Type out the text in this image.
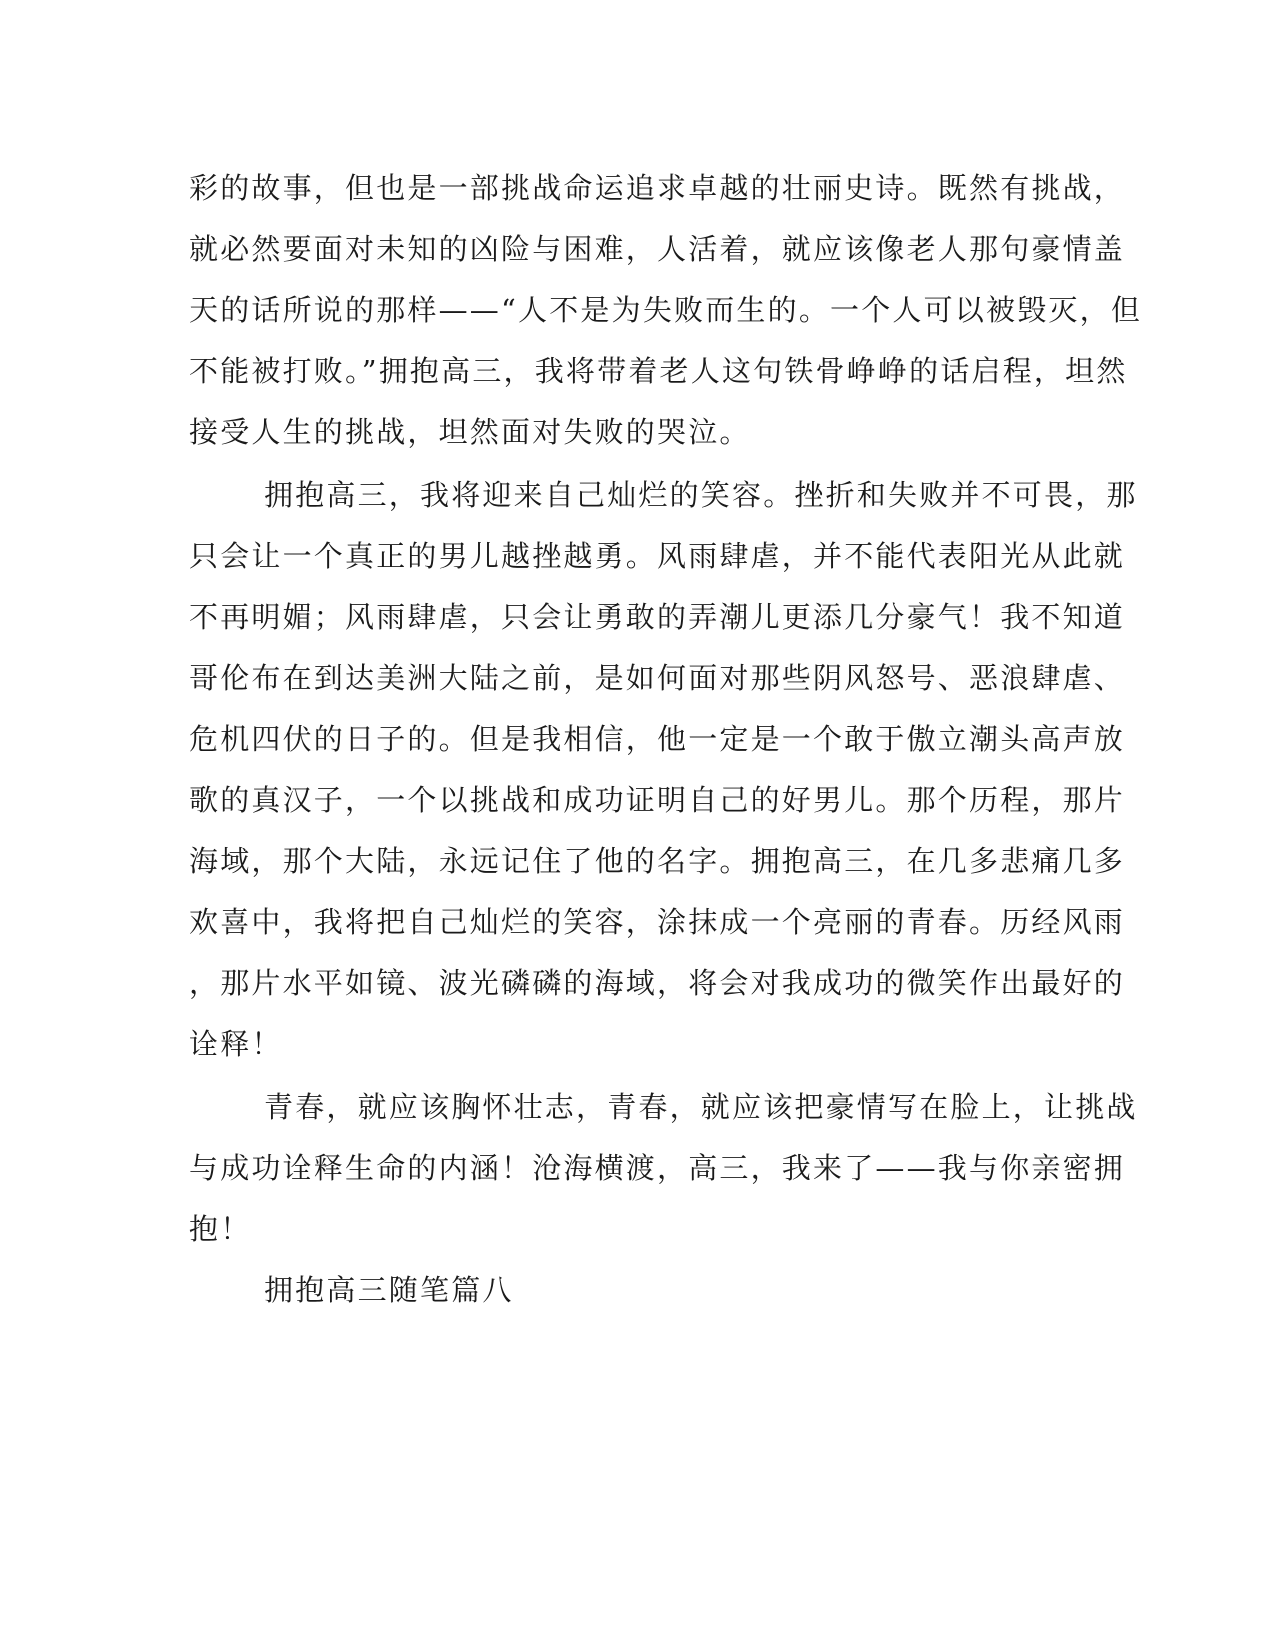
彩的故事，但也是一部挑战命运追求卓越的壮丽史诗。既然有挑战，
就必然要面对未知的凶险与困难，人活着，就应该像老人那句豪情盖
天的话所说的那样——“人不是为失败而生的。一个人可以被毁灭，但
不能被打败。”拥抱高三，我将带着老人这句铁骨峥峥的话启程，坦然
接受人生的挑战，坦然面对失败的哭泣。
拥抱高三，我将迎来自己灿烂的笑容。挫折和失败并不可畏，那
只会让一个真正的男儿越挫越勇。风雨肆虐，并不能代表阳光从此就
不再明媚；风雨肆虐，只会让勇敢的弄潮儿更添几分豪气！我不知道
哥伦布在到达美洲大陆之前，是如何面对那些阴风怒号、恶浪肆虐、
危机四伏的日子的。但是我相信，他一定是一个敢于傲立潮头高声放
歌的真汉子，一个以挑战和成功证明自己的好男儿。那个历程，那片
海域，那个大陆，永远记住了他的名字。拥抱高三，在几多悲痛几多
欢喜中，我将把自己灿烂的笑容，涂抹成一个亮丽的青春。历经风雨
，那片水平如镜、波光磷磷的海域，将会对我成功的微笑作出最好的
诠释！
青春，就应该胸怀壮志，青春，就应该把豪情写在脸上，让挑战
与成功诠释生命的内涵！沧海横渡，高三，我来了——我与你亲密拥
抱！
拥抱高三随笔篇八
